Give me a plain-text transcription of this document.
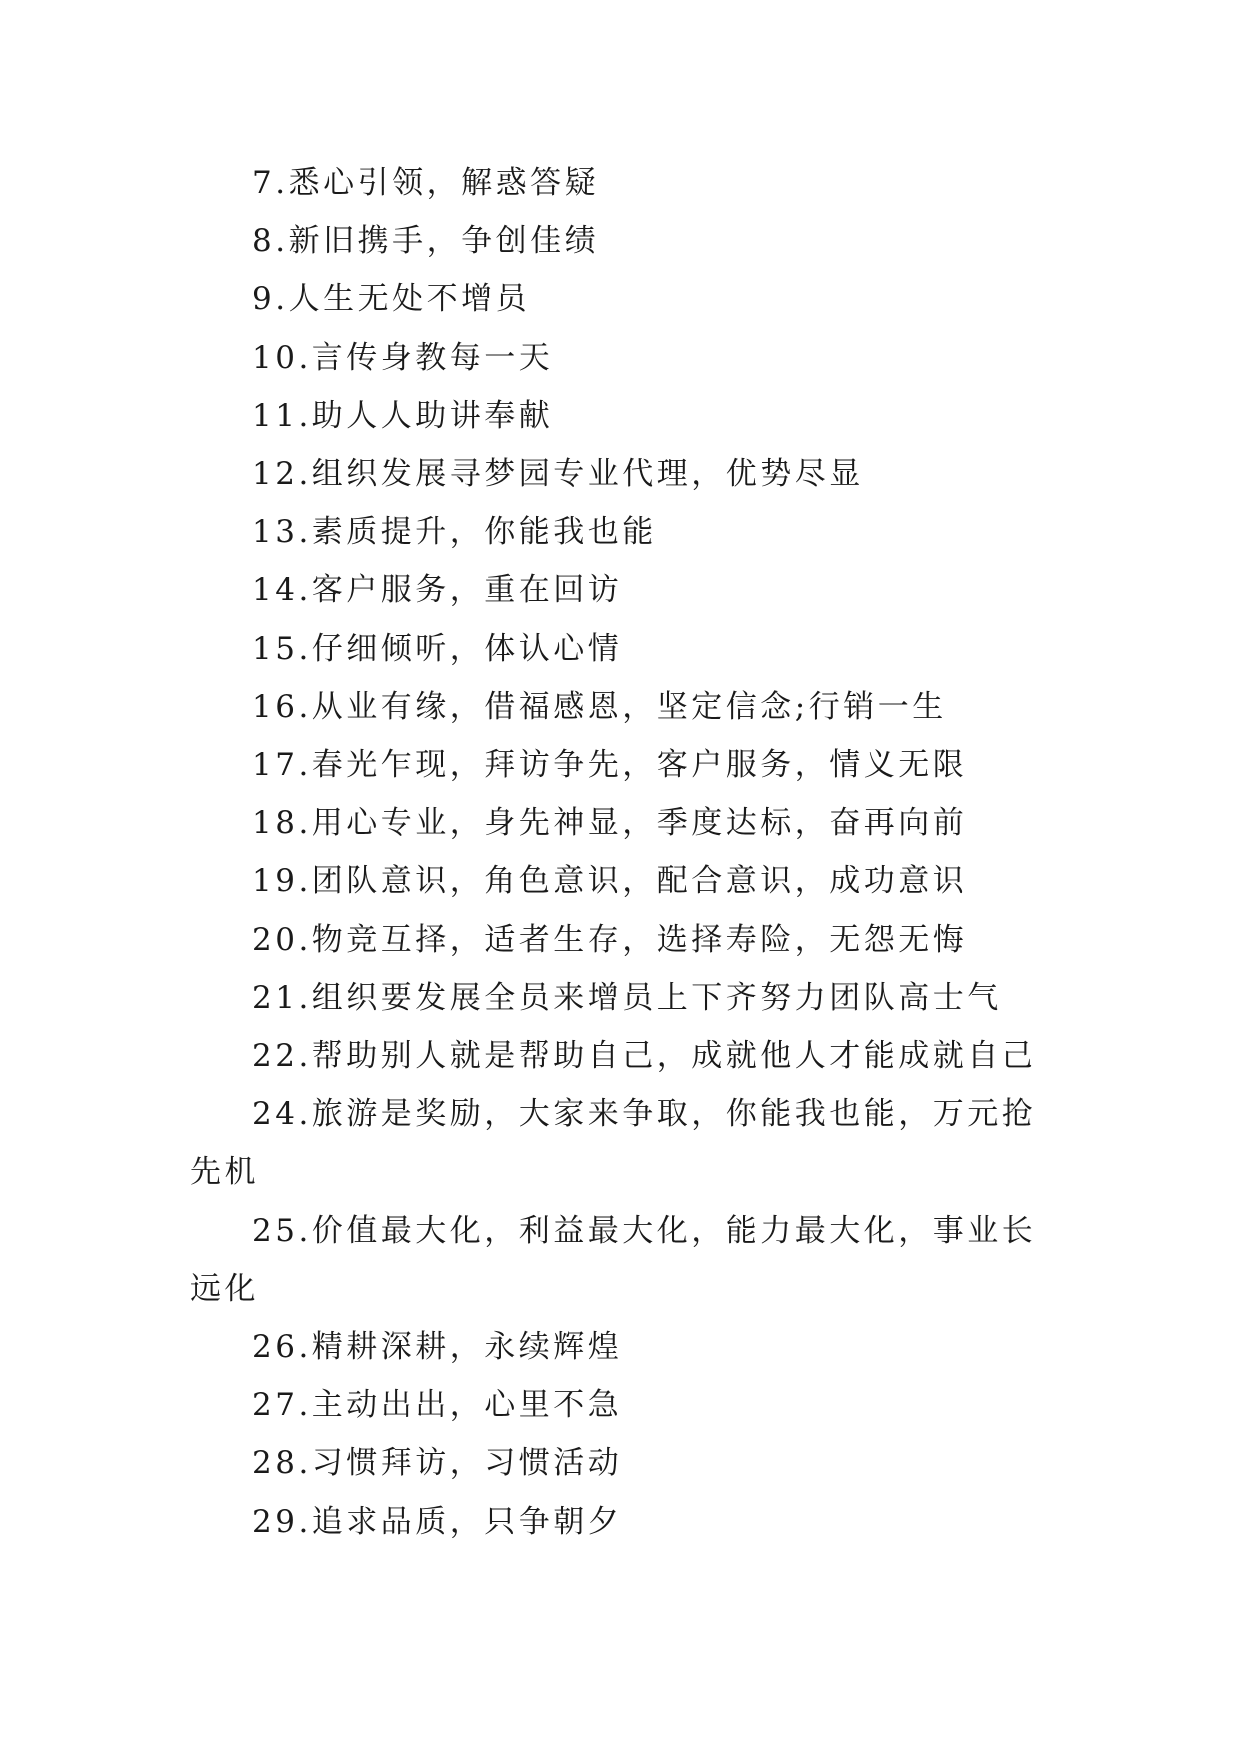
7.悉心引领，解惑答疑

8.新旧携手，争创佳绩

9.人生无处不增员

10.言传身教每一天

11.助人人助讲奉献

12.组织发展寻梦园专业代理，优势尽显

13.素质提升，你能我也能

14.客户服务，重在回访

15.仔细倾听，体认心情

16.从业有缘，借福感恩，坚定信念;行销一生

17.春光乍现，拜访争先，客户服务，情义无限

18.用心专业，身先神显，季度达标，奋再向前

19.团队意识，角色意识，配合意识，成功意识

20.物竞互择，适者生存，选择寿险，无怨无悔

21.组织要发展全员来增员上下齐努力团队高士气

22.帮助别人就是帮助自己，成就他人才能成就自己

24.旅游是奖励，大家来争取，你能我也能，万元抢先机

25.价值最大化，利益最大化，能力最大化，事业长远化

26.精耕深耕，永续辉煌

27.主动出出，心里不急

28.习惯拜访，习惯活动

29.追求品质，只争朝夕
